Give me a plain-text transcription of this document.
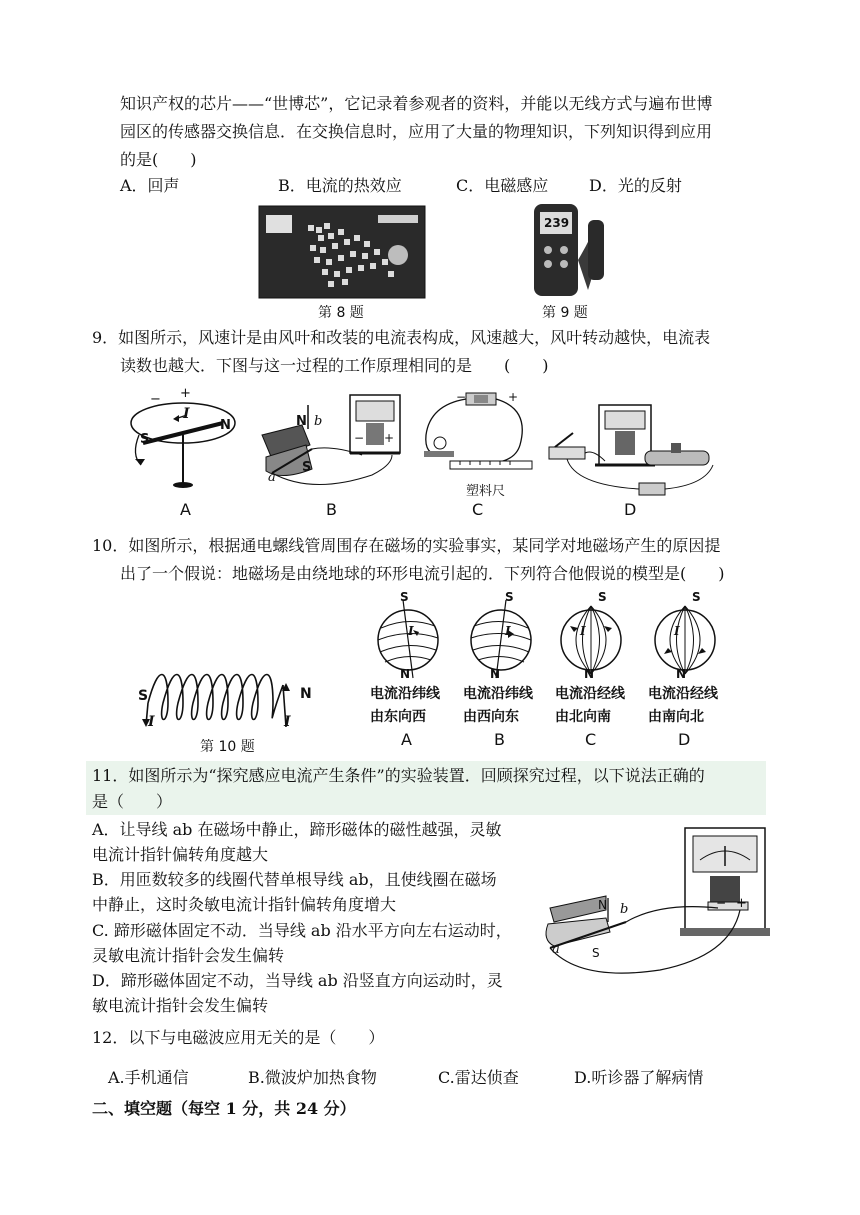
知识产权的芯片——“世博芯”，它记录着参观者的资料，并能以无线方式与遍布世博
园区的传感器交换信息．在交换信息时，应用了大量的物理知识，下列知识得到应用
的是(　　)
A．回声	B．电流的热效应	C．电磁感应	D．光的反射
第 8 题
239
第 9 题
9．如图所示，风速计是由风叶和改装的电流表构成，风速越大，风叶转动越快，电流表
读数也越大．下图与这一过程的工作原理相同的是　　(　　)
− +
I
S
N
A
N b
S
a
− +
B
−	+
塑料尺
C	D
10．如图所示，根据通电螺线管周围存在磁场的实验事实，某同学对地磁场产生的原因提
出了一个假说：地磁场是由绕地球的环形电流引起的．下列符合他假说的模型是(　　)
S	N
I	I
第 10 题
S
N
I
S
N
I
S
N
I
S
N
I
电流沿纬线
由东向西
A
电流沿纬线
由西向东
B
电流沿经线
由北向南
C
电流沿经线
由南向北
D
11．如图所示为“探究感应电流产生条件”的实验装置．回顾探究过程，以下说法正确的
是（　　）
A．让导线 ab 在磁场中静止，蹄形磁体的磁性越强，灵敏
电流计指针偏转角度越大
B．用匝数较多的线圈代替单根导线 ab，且使线圈在磁场
中静止，这时灸敏电流计指针偏转角度增大
C. 蹄形磁体固定不动．当导线 ab 沿水平方向左右运动时，
灵敏电流计指针会发生偏转
D．蹄形磁体固定不动，当导线 ab 沿竖直方向运动时，灵
敏电流计指针会发生偏转
N b
S
a
− +
12．以下与电磁波应用无关的是（　　）
A.手机通信	B.微波炉加热食物	C.雷达侦查	D.听诊器了解病情
二、填空题（每空 1 分，共 24 分）
